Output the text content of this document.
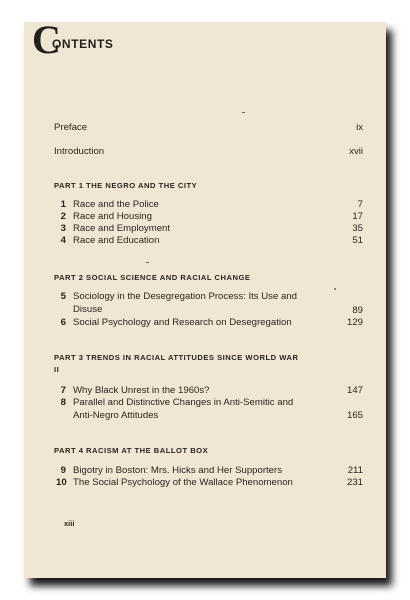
C
ONTENTS
Preface	ix
Introduction	xvii
PART 1 THE NEGRO AND THE CITY
1 Race and the Police	7
2 Race and Housing	17
3 Race and Employment	35
4 Race and Education	51
PART 2 SOCIAL SCIENCE AND RACIAL CHANGE
5 Sociology in the Desegregation Process: Its Use and Disuse	89
6 Social Psychology and Research on Desegregation	129
PART 3 TRENDS IN RACIAL ATTITUDES SINCE WORLD WAR II
7 Why Black Unrest in the 1960s?	147
8 Parallel and Distinctive Changes in Anti-Semitic and Anti-Negro Attitudes	165
PART 4 RACISM AT THE BALLOT BOX
9 Bigotry in Boston: Mrs. Hicks and Her Supporters	211
10 The Social Psychology of the Wallace Phenomenon	231
xiii
